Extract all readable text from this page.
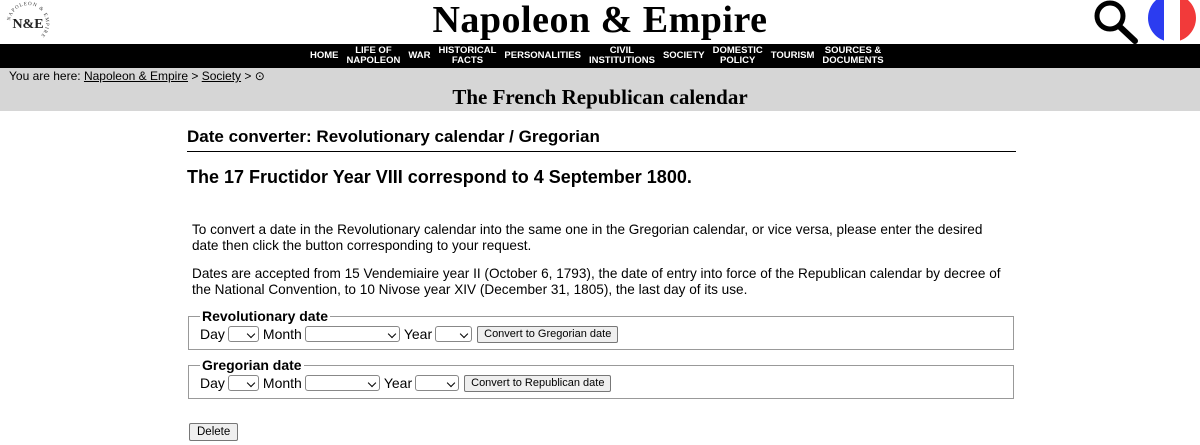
NAPOLEON & EMPIRE
N&E	Napoleon & Empire
HOME	LIFE OF
NAPOLEON WAR HISTORICAL
FACTS	PERSONALITIES	CIVIL
INSTITUTIONS SOCIETY DOMESTIC
POLICY	TOURISM SOURCES &
DOCUMENTS
You are here: Napoleon & Empire > Society > ⊙
The French Republican calendar
Date converter: Revolutionary calendar / Gregorian
The 17 Fructidor Year VIII correspond to 4 September 1800.

To convert a date in the Revolutionary calendar into the same one in the Gregorian calendar, or vice versa, please enter the desired date then click the button corresponding to your request.

Dates are accepted from 15 Vendemiaire year II (October 6, 1793), the date of entry into force of the Republican calendar by decree of the National Convention, to 10 Nivose year XIV (December 31, 1805), the last day of its use.

Revolutionary date
Day	Month	Year	Convert to Gregorian date
Gregorian date
Day	Month	Year	Convert to Republican date
Delete
